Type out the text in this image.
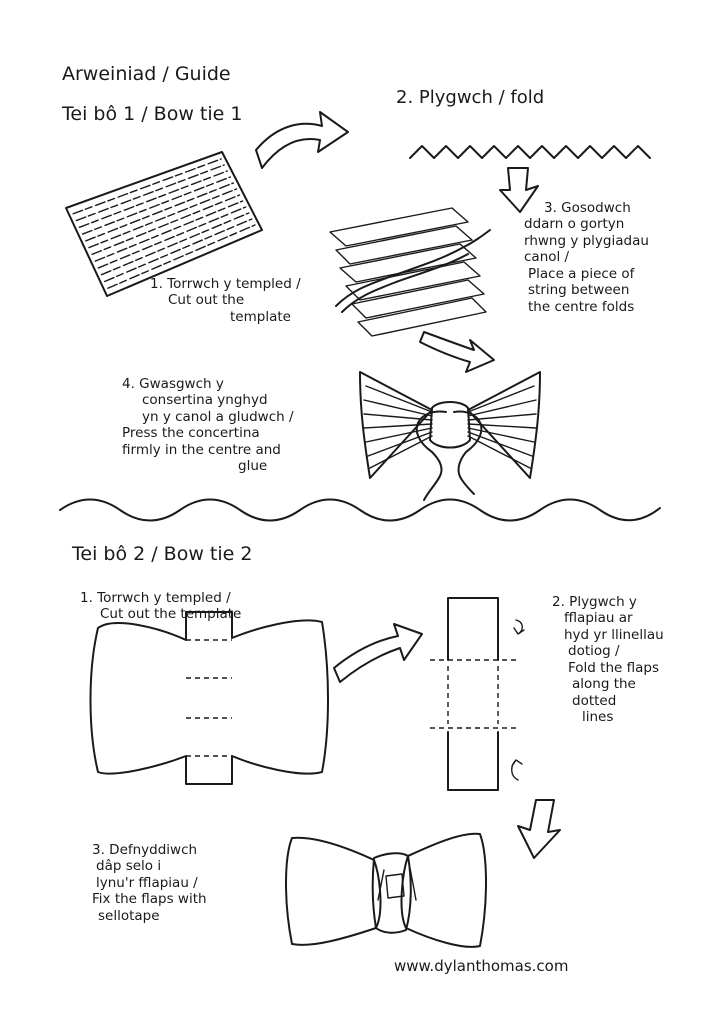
Arweiniad / Guide
Tei bô 1 / Bow tie 1
1. Torrwch y templed /
Cut out the
template
2. Plygwch / fold
3. Gosodwch
ddarn o gortyn
rhwng y plygiadau
canol /
Place a piece of
string between
the centre folds
4. Gwasgwch y
consertina ynghyd
yn y canol a gludwch /
Press the concertina
firmly in the centre and
glue
Tei bô 2 / Bow tie 2
1. Torrwch y templed /
Cut out the template
2. Plygwch y
fflapiau ar
hyd yr llinellau
dotiog /
Fold the flaps
along the
dotted
lines
3. Defnyddiwch
dâp selo i
lynu'r fflapiau /
Fix the flaps with
sellotape
www.dylanthomas.com
